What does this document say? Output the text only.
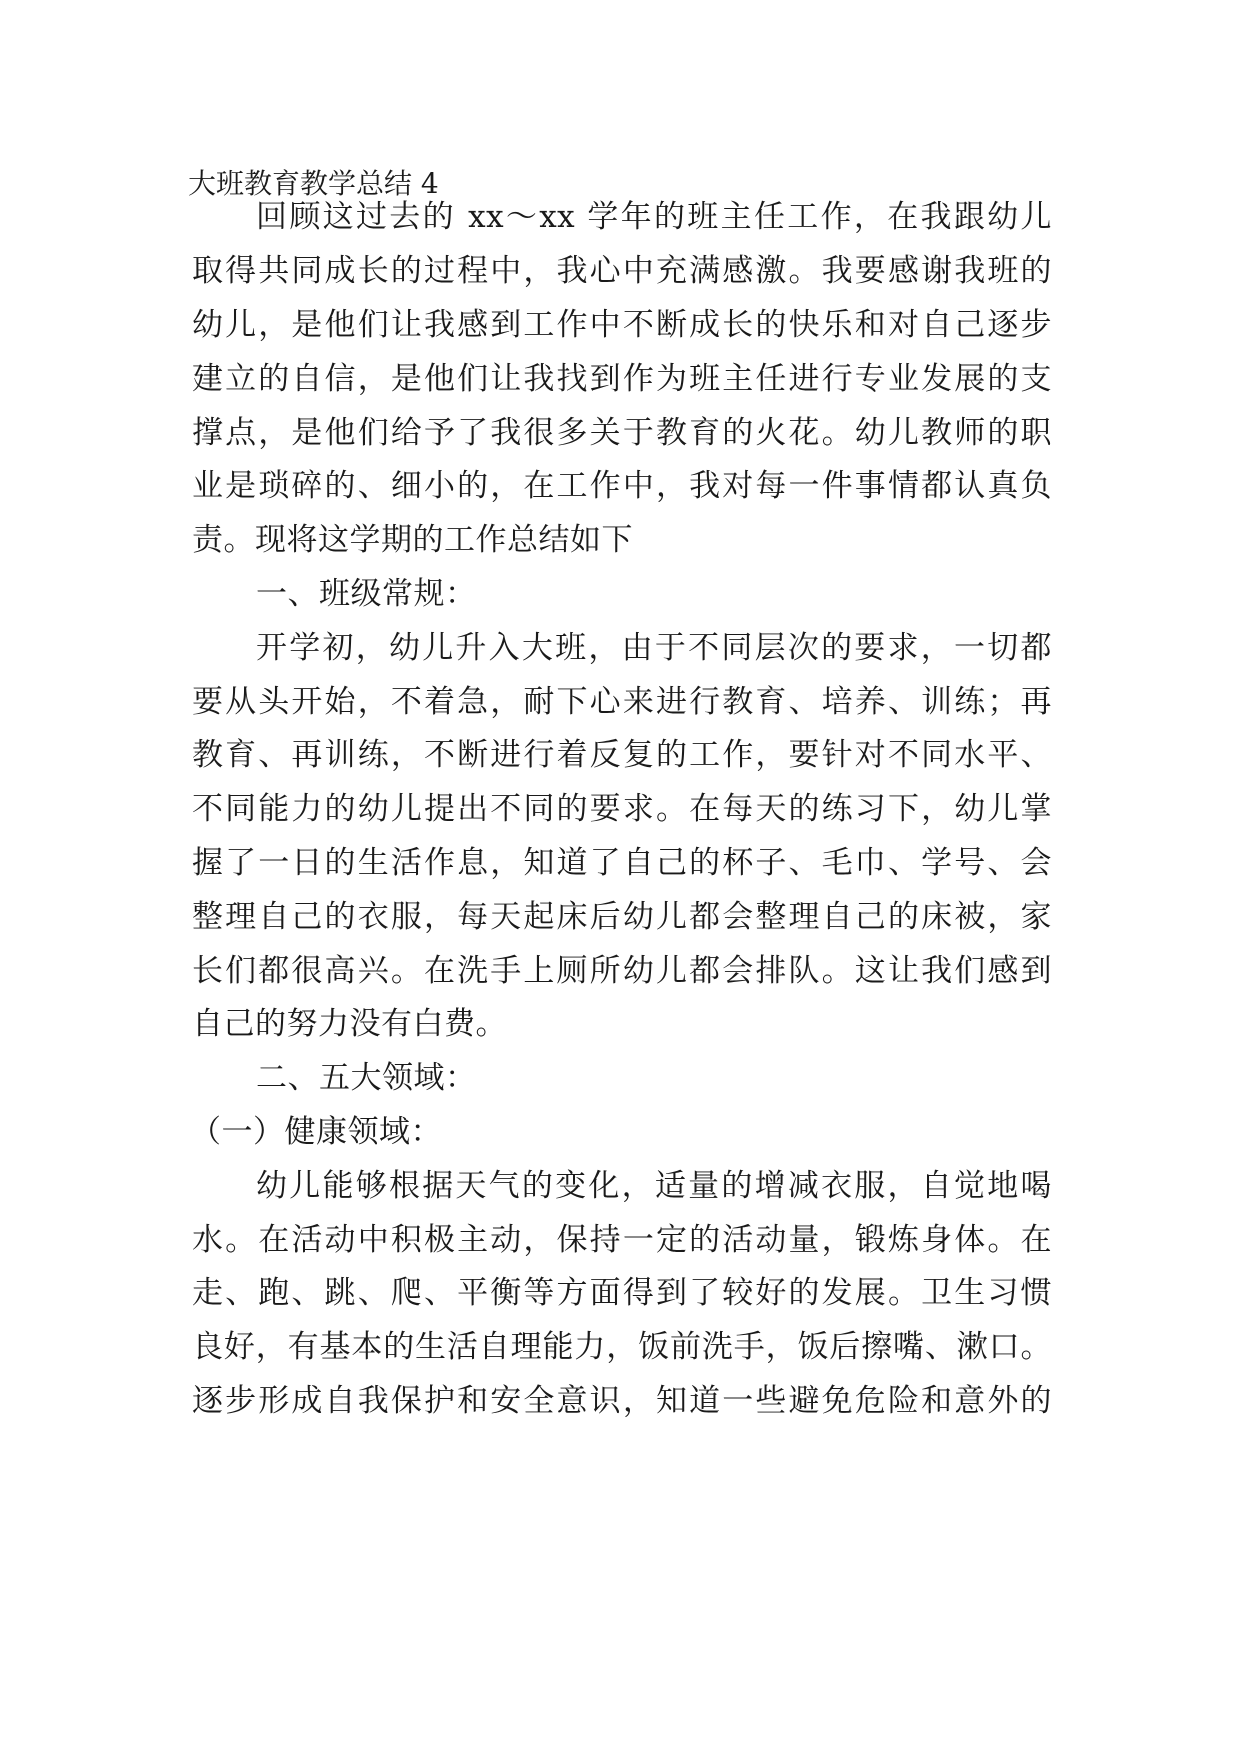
大班教育教学总结 4
回顾这过去的 xx～xx 学年的班主任工作，在我跟幼儿
取得共同成长的过程中，我心中充满感激。我要感谢我班的
幼儿，是他们让我感到工作中不断成长的快乐和对自己逐步
建立的自信，是他们让我找到作为班主任进行专业发展的支
撑点，是他们给予了我很多关于教育的火花。幼儿教师的职
业是琐碎的、细小的，在工作中，我对每一件事情都认真负
责。现将这学期的工作总结如下
一、班级常规：
开学初，幼儿升入大班，由于不同层次的要求，一切都
要从头开始，不着急，耐下心来进行教育、培养、训练；再
教育、再训练，不断进行着反复的工作，要针对不同水平、
不同能力的幼儿提出不同的要求。在每天的练习下，幼儿掌
握了一日的生活作息，知道了自己的杯子、毛巾、学号、会
整理自己的衣服，每天起床后幼儿都会整理自己的床被，家
长们都很高兴。在洗手上厕所幼儿都会排队。这让我们感到
自己的努力没有白费。
二、五大领域：
（一）健康领域：
幼儿能够根据天气的变化，适量的增减衣服，自觉地喝
水。在活动中积极主动，保持一定的活动量，锻炼身体。在
走、跑、跳、爬、平衡等方面得到了较好的发展。卫生习惯
良好，有基本的生活自理能力，饭前洗手，饭后擦嘴、漱口。
逐步形成自我保护和安全意识，知道一些避免危险和意外的
